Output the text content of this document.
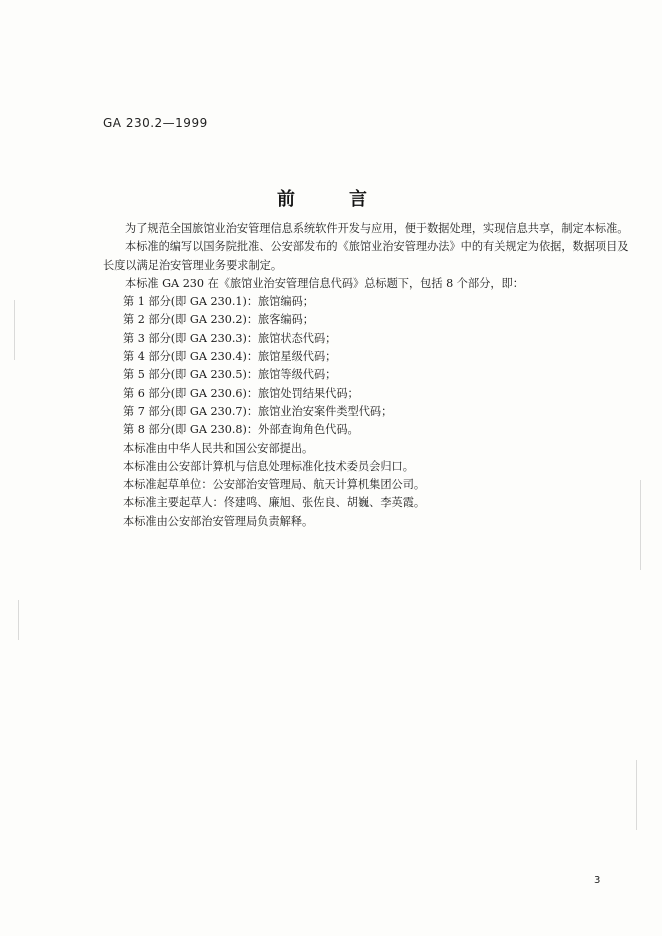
GA 230.2—1999
前　言

为了规范全国旅馆业治安管理信息系统软件开发与应用，便于数据处理，实现信息共享，制定本标准。

本标准的编写以国务院批准、公安部发布的《旅馆业治安管理办法》中的有关规定为依据，数据项目及长度以满足治安管理业务要求制定。

本标准 GA 230 在《旅馆业治安管理信息代码》总标题下，包括 8 个部分，即：

第 1 部分(即 GA 230.1)：旅馆编码；

第 2 部分(即 GA 230.2)：旅客编码；

第 3 部分(即 GA 230.3)：旅馆状态代码；

第 4 部分(即 GA 230.4)：旅馆星级代码；

第 5 部分(即 GA 230.5)：旅馆等级代码；

第 6 部分(即 GA 230.6)：旅馆处罚结果代码；

第 7 部分(即 GA 230.7)：旅馆业治安案件类型代码；

第 8 部分(即 GA 230.8)：外部查询角色代码。

本标准由中华人民共和国公安部提出。

本标准由公安部计算机与信息处理标准化技术委员会归口。

本标准起草单位：公安部治安管理局、航天计算机集团公司。

本标准主要起草人：佟建鸣、廉旭、张佐良、胡巍、李英霞。

本标准由公安部治安管理局负责解释。

3
